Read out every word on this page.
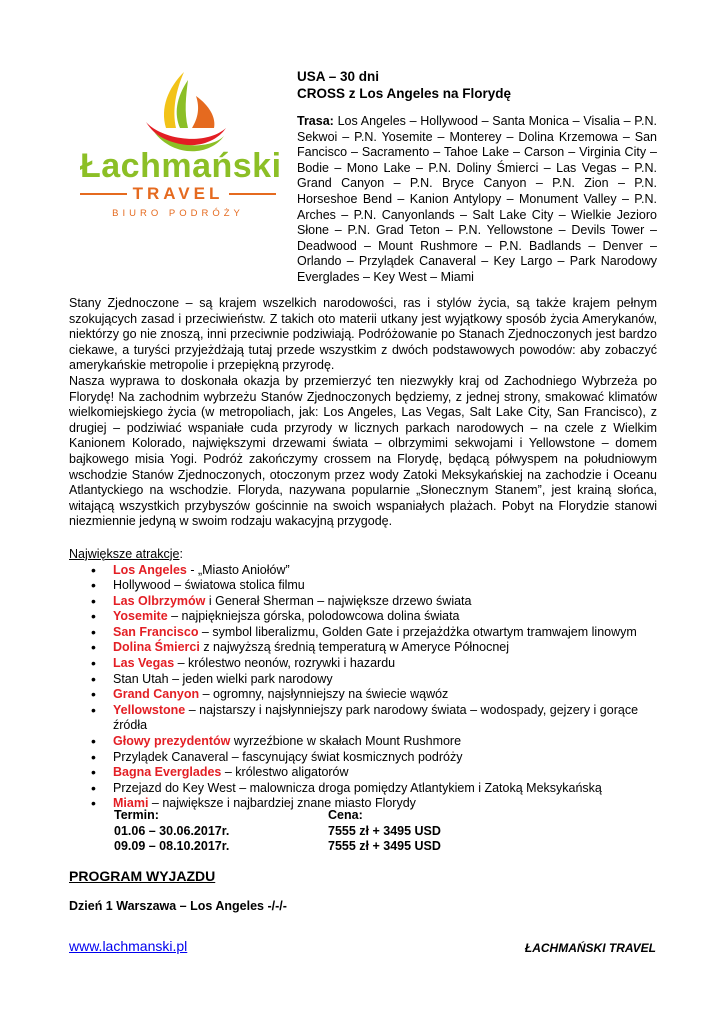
Łachmański
TRAVEL
BIURO PODRÓŻY
USA – 30 dni
CROSS z Los Angeles na Florydę
Trasa: Los Angeles – Hollywood – Santa Monica – Visalia – P.N. Sekwoi – P.N. Yosemite – Monterey – Dolina Krzemowa – San Fancisco – Sacramento – Tahoe Lake – Carson – Virginia City – Bodie – Mono Lake – P.N. Doliny Śmierci – Las Vegas – P.N. Grand Canyon – P.N. Bryce Canyon – P.N. Zion – P.N. Horseshoe Bend – Kanion Antylopy – Monument Valley – P.N. Arches – P.N. Canyonlands – Salt Lake City – Wielkie Jezioro Słone – P.N. Grad Teton – P.N. Yellowstone – Devils Tower – Deadwood – Mount Rushmore – P.N. Badlands – Denver – Orlando – Przylądek Canaveral – Key Largo – Park Narodowy Everglades – Key West – Miami

Stany Zjednoczone – są krajem wszelkich narodowości, ras i stylów życia, są także krajem pełnym szokujących zasad i przeciwieństw. Z takich oto materii utkany jest wyjątkowy sposób życia Amerykanów, niektórzy go nie znoszą, inni przeciwnie podziwiają. Podróżowanie po Stanach Zjednoczonych jest bardzo ciekawe, a turyści przyjeżdżają tutaj przede wszystkim z dwóch podstawowych powodów: aby zobaczyć amerykańskie metropolie i przepiękną przyrodę.

Nasza wyprawa to doskonała okazja by przemierzyć ten niezwykły kraj od Zachodniego Wybrzeża po Florydę! Na zachodnim wybrzeżu Stanów Zjednoczonych będziemy, z jednej strony, smakować klimatów wielkomiejskiego życia (w metropoliach, jak: Los Angeles, Las Vegas, Salt Lake City, San Francisco), z drugiej – podziwiać wspaniałe cuda przyrody w licznych parkach narodowych – na czele z Wielkim Kanionem Kolorado, największymi drzewami świata – olbrzymimi sekwojami i Yellowstone – domem bajkowego misia Yogi. Podróż zakończymy crossem na Florydę, będącą półwyspem na południowym wschodzie Stanów Zjednoczonych, otoczonym przez wody Zatoki Meksykańskiej na zachodzie i Oceanu Atlantyckiego na wschodzie. Floryda, nazywana popularnie „Słonecznym Stanem”, jest krainą słońca, witającą wszystkich przybyszów gościnnie na swoich wspaniałych plażach. Pobyt na Florydzie stanowi niezmiennie jedyną w swoim rodzaju wakacyjną przygodę.

Największe atrakcje:
• Los Angeles - „Miasto Aniołów”
• Hollywood – światowa stolica filmu
• Las Olbrzymów i Generał Sherman – największe drzewo świata
• Yosemite – najpiękniejsza górska, polodowcowa dolina świata
• San Francisco – symbol liberalizmu, Golden Gate i przejażdżka otwartym tramwajem linowym
• Dolina Śmierci z najwyższą średnią temperaturą w Ameryce Północnej
• Las Vegas – królestwo neonów, rozrywki i hazardu
• Stan Utah – jeden wielki park narodowy
• Grand Canyon – ogromny, najsłynniejszy na świecie wąwóz
• Yellowstone – najstarszy i najsłynniejszy park narodowy świata – wodospady, gejzery i gorące źródła
• Głowy prezydentów wyrzeźbione w skałach Mount Rushmore
• Przylądek Canaveral – fascynujący świat kosmicznych podróży
• Bagna Everglades – królestwo aligatorów
• Przejazd do Key West – malownicza droga pomiędzy Atlantykiem i Zatoką Meksykańską
• Miami – największe i najbardziej znane miasto Florydy
Termin:
01.06 – 30.06.2017r.
09.09 – 08.10.2017r.
Cena:
7555 zł + 3495 USD
7555 zł + 3495 USD
PROGRAM WYJAZDU
Dzień 1 Warszawa – Los Angeles -/-/-
www.lachmanski.pl	ŁACHMAŃSKI TRAVEL
